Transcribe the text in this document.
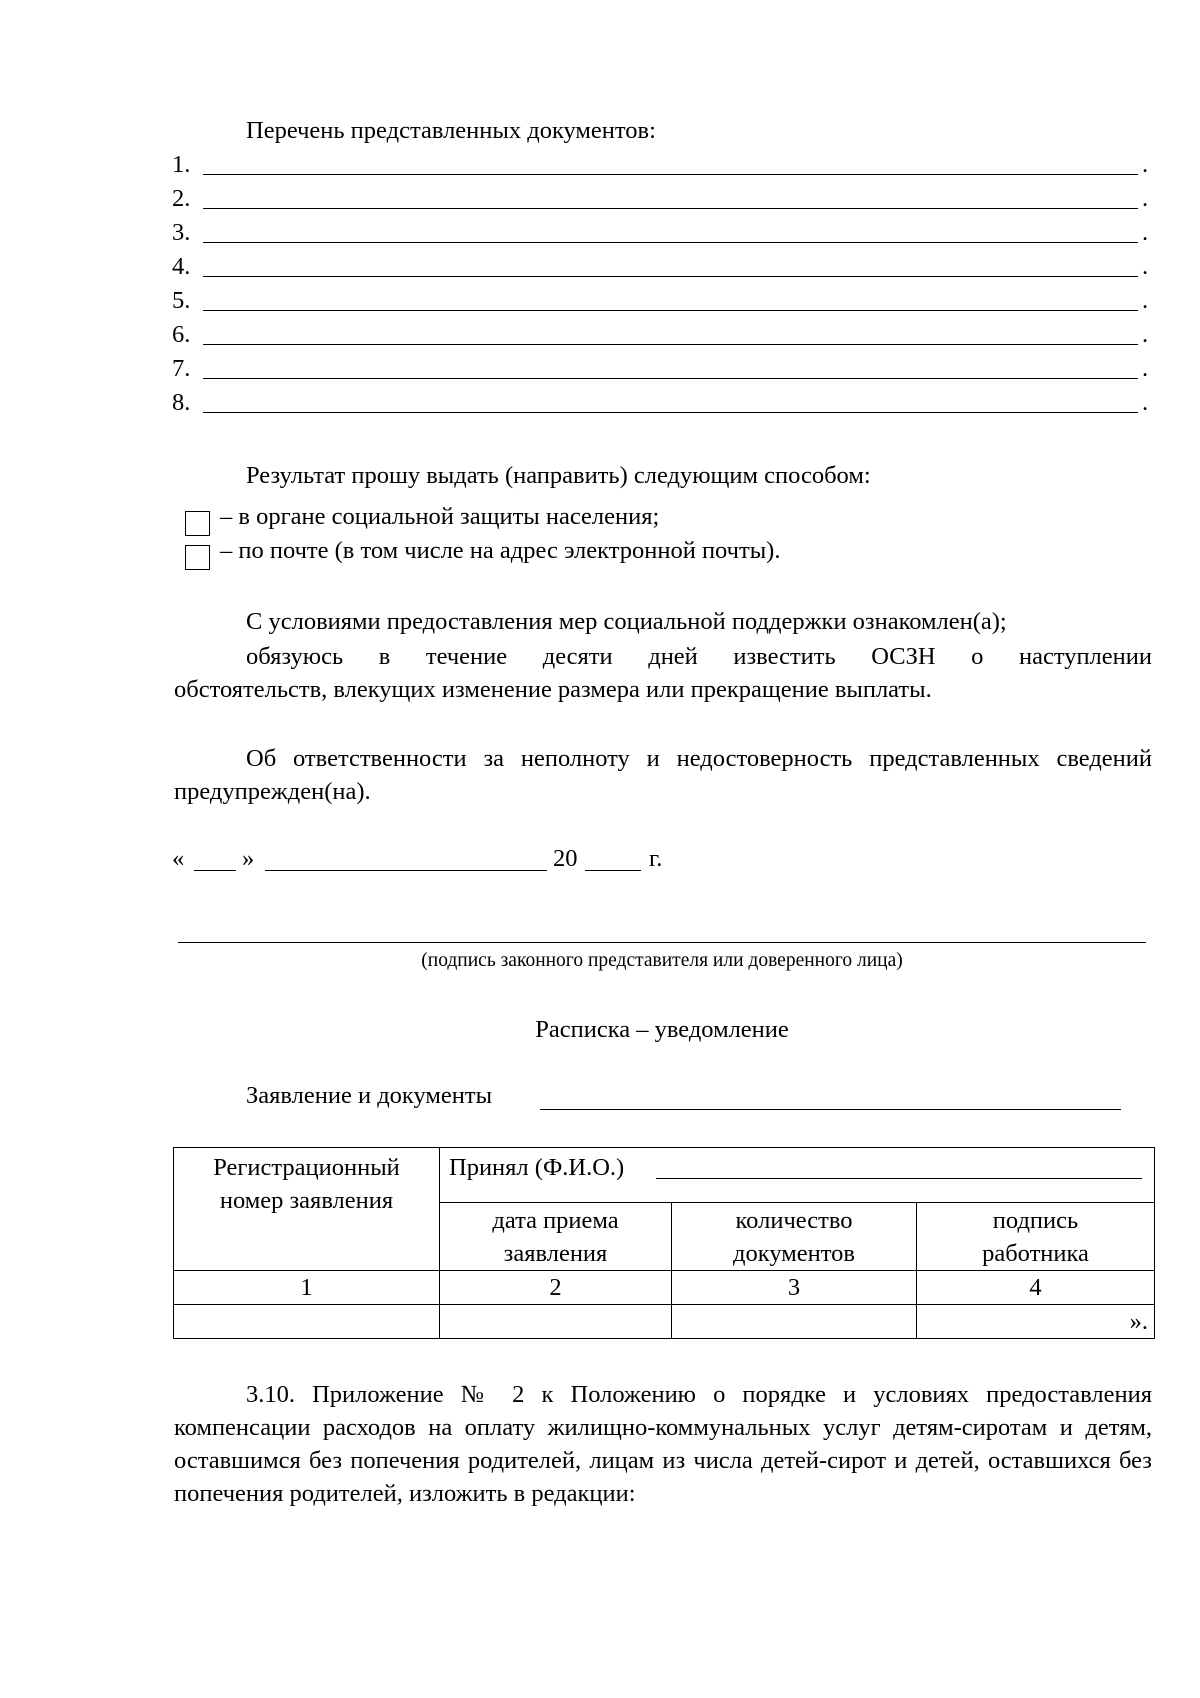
Перечень представленных документов:
1.	.
2.	.
3.	.
4.	.
5.	.
6.	.
7.	.
8.	.
Результат прошу выдать (направить) следующим способом:
– в органе социальной защиты населения;
– по почте (в том числе на адрес электронной почты).
С условиями предоставления мер социальной поддержки ознакомлен(а);
обязуюсь в течение десяти дней известить ОСЗН о наступлении
обстоятельств, влекущих изменение размера или прекращение выплаты.
Об ответственности за неполноту и недостоверность представленных сведений предупрежден(на).
« »	20	г.
(подпись законного представителя или доверенного лица)
Расписка – уведомление
Заявление и документы
Регистрационный номер заявления	Принял (Ф.И.О.)		

	дата приема заявления	количество документов	подпись работника

1	2	3	4
			».
3.10. Приложение № 2 к Положению о порядке и условиях предоставления компенсации расходов на оплату жилищно-коммунальных услуг детям-сиротам и детям, оставшимся без попечения родителей, лицам из числа детей-сирот и детей, оставшихся без попечения родителей, изложить в редакции:
